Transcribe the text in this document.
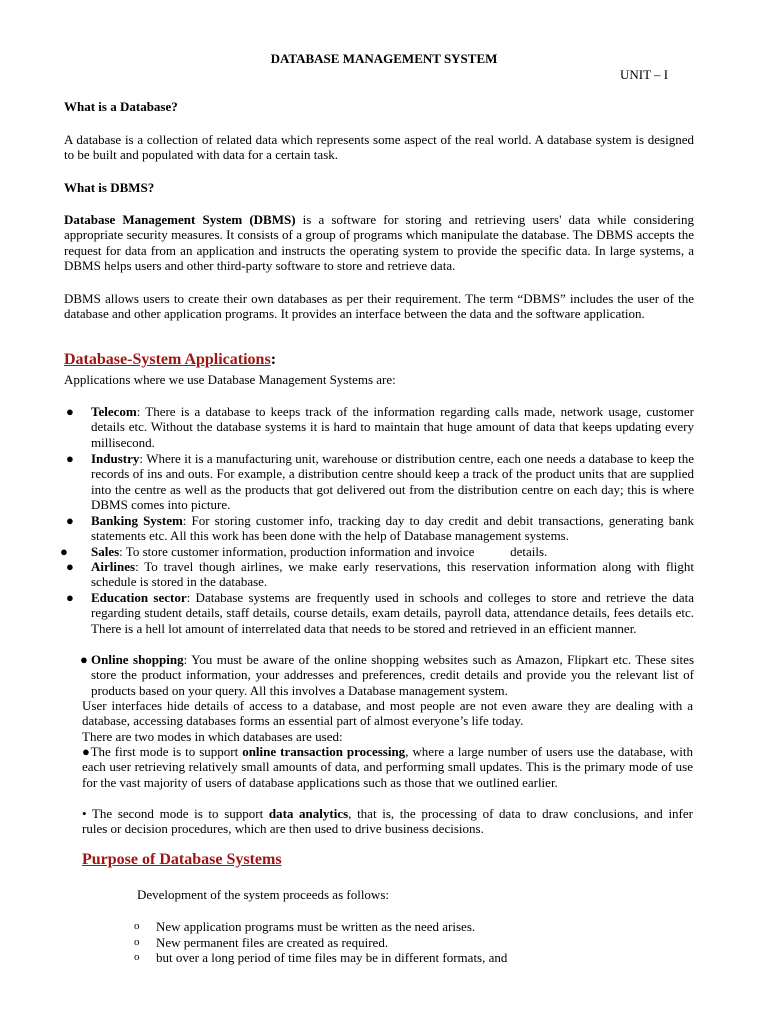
DATABASE MANAGEMENT SYSTEM
UNIT – I
What is a Database?
A database is a collection of related data which represents some aspect of the real world. A database system is designed to be built and populated with data for a certain task.
What is DBMS?
Database Management System (DBMS) is a software for storing and retrieving users' data while considering appropriate security measures. It consists of a group of programs which manipulate the database. The DBMS accepts the request for data from an application and instructs the operating system to provide the specific data. In large systems, a DBMS helps users and other third-party software to store and retrieve data.
DBMS allows users to create their own databases as per their requirement. The term “DBMS” includes the user of the database and other application programs. It provides an interface between the data and the software application.
Database-System Applications:
Applications where we use Database Management Systems are:
● Telecom: There is a database to keeps track of the information regarding calls made, network usage, customer details etc. Without the database systems it is hard to maintain that huge amount of data that keeps updating every millisecond.
● Industry: Where it is a manufacturing unit, warehouse or distribution centre, each one needs a database to keep the records of ins and outs. For example, a distribution centre should keep a track of the product units that are supplied into the centre as well as the products that got delivered out from the distribution centre on each day; this is where DBMS comes into picture.
● Banking System: For storing customer info, tracking day to day credit and debit transactions, generating bank statements etc. All this work has been done with the help of Database management systems.
● Sales: To store customer information, production information and invoice           details.
● Airlines: To travel though airlines, we make early reservations, this reservation information along with flight schedule is stored in the database.
● Education sector: Database systems are frequently used in schools and colleges to store and retrieve the data regarding student details, staff details, course details, exam details, payroll data, attendance details, fees details etc. There is a hell lot amount of interrelated data that needs to be stored and retrieved in an efficient manner.
● Online shopping: You must be aware of the online shopping websites such as Amazon, Flipkart etc. These sites store the product information, your addresses and preferences, credit details and provide you the relevant list of products based on your query. All this involves a Database management system.
User interfaces hide details of access to a database, and most people are not even aware they are dealing with a database, accessing databases forms an essential part of almost everyone’s life today.
There are two modes in which databases are used:
●The first mode is to support online transaction processing, where a large number of users use the database, with each user retrieving relatively small amounts of data, and performing small updates. This is the primary mode of use for the vast majority of users of database applications such as those that we outlined earlier.
• The second mode is to support data analytics, that is, the processing of data to draw conclusions, and infer       rules or decision procedures, which are then used to drive business decisions.
Purpose of Database Systems
Development of the system proceeds as follows:
o New application programs must be written as the need arises.
o New permanent files are created as required.
o but over a long period of time files may be in different formats, and
